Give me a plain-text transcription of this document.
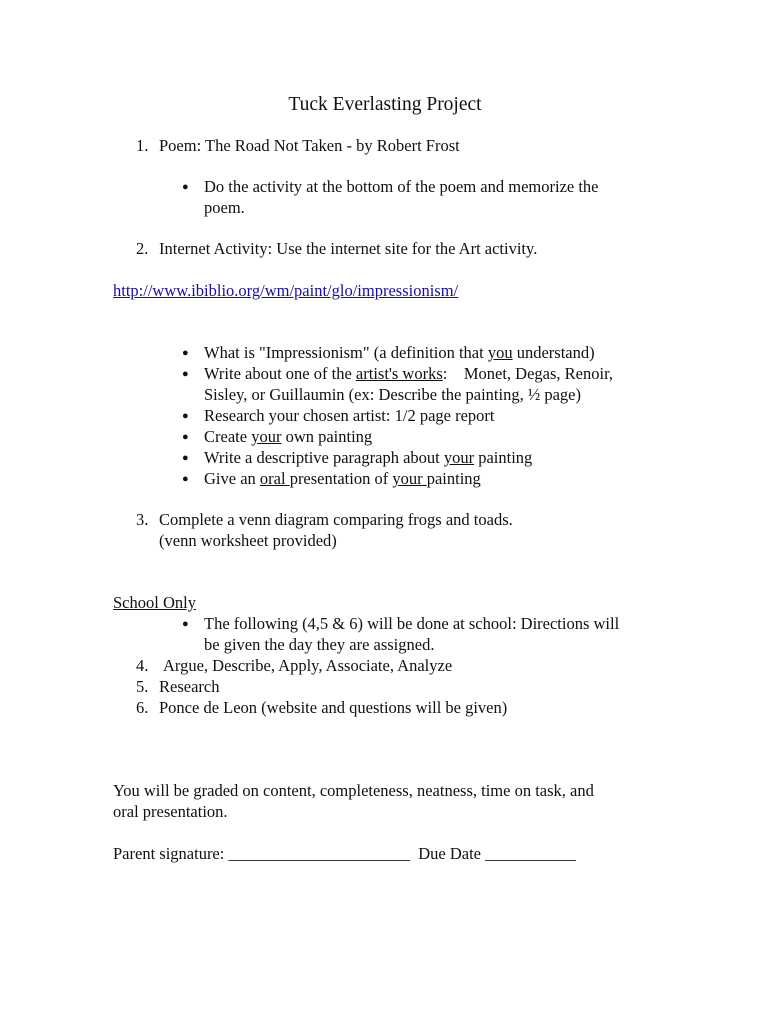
Tuck Everlasting Project
1. Poem: The Road Not Taken - by Robert Frost
● Do the activity at the bottom of the poem and memorize the
poem.
2. Internet Activity: Use the internet site for the Art activity.
http://www.ibiblio.org/wm/paint/glo/impressionism/
● What is "Impressionism" (a definition that you understand)
● Write about one of the artist's works:    Monet, Degas, Renoir,
Sisley, or Guillaumin (ex: Describe the painting, ½ page)
● Research your chosen artist: 1/2 page report
● Create your own painting
● Write a descriptive paragraph about your painting
● Give an oral presentation of your painting
3. Complete a venn diagram comparing frogs and toads.
(venn worksheet provided)
School Only
● The following (4,5 & 6) will be done at school: Directions will
be given the day they are assigned.
4. Argue, Describe, Apply, Associate, Analyze
5. Research
6. Ponce de Leon (website and questions will be given)
You will be graded on content, completeness, neatness, time on task, and
oral presentation.
Parent signature: ______________________  Due Date ___________
